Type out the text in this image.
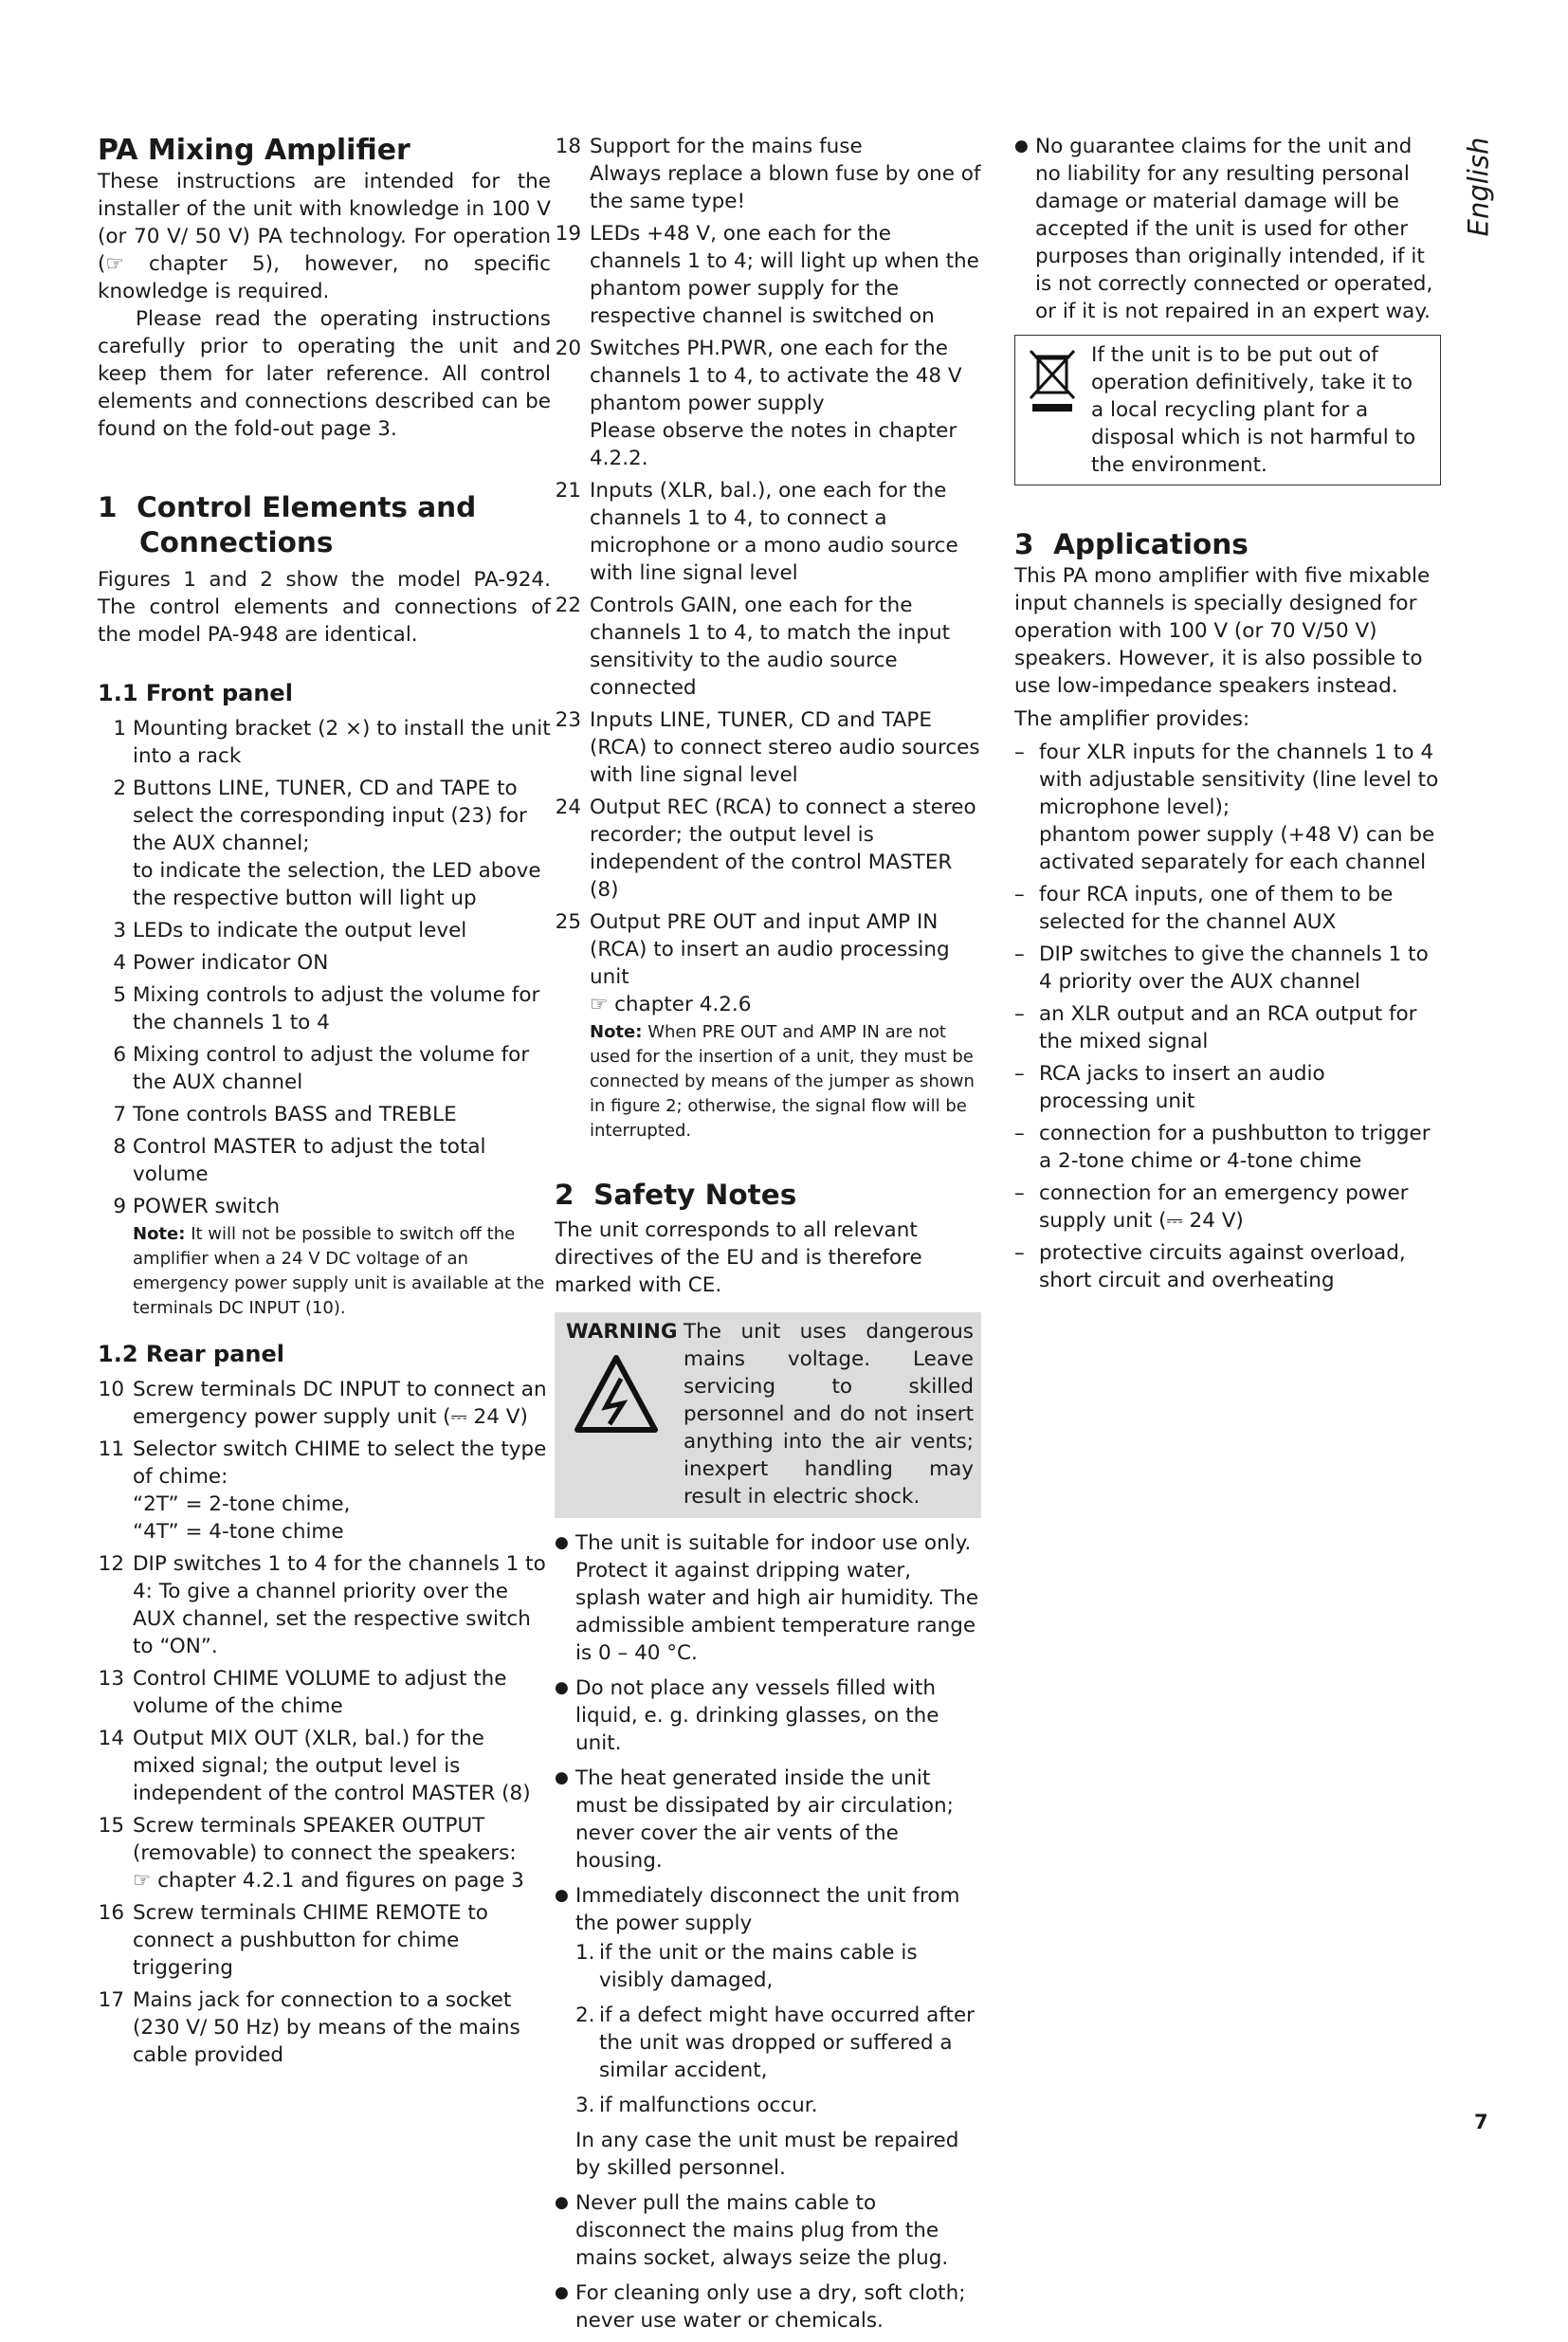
English
PA Mixing Amplifier

These instructions are intended for the installer of the unit with knowledge in 100 V (or 70 V/ 50 V) PA technology. For operation (☞ chapter 5), however, no specific knowledge is required.

Please read the operating instructions carefully prior to operating the unit and keep them for later reference. All control elements and connections described can be found on the fold-out page 3.

1 Control Elements and Connections

Figures 1 and 2 show the model PA-924. The control elements and connections of the model PA-948 are identical.

1.1 Front panel
1 Mounting bracket (2 ×) to install the unit into a rack
2 Buttons LINE, TUNER, CD and TAPE to select the corresponding input (23) for the AUX channel;
to indicate the selection, the LED above the respective button will light up
3 LEDs to indicate the output level
4 Power indicator ON
5 Mixing controls to adjust the volume for the channels 1 to 4
6 Mixing control to adjust the volume for the AUX channel
7 Tone controls BASS and TREBLE
8 Control MASTER to adjust the total volume
9 POWER switch
Note: It will not be possible to switch off the amplifier when a 24 V DC voltage of an emergency power supply unit is available at the terminals DC INPUT (10).
1.2 Rear panel
10 Screw terminals DC INPUT to connect an emergency power supply unit (⎓ 24 V)
11 Selector switch CHIME to select the type of chime:
“2T” = 2-tone chime,
“4T” = 4-tone chime
12 DIP switches 1 to 4 for the channels 1 to 4: To give a channel priority over the AUX channel, set the respective switch to “ON”.
13 Control CHIME VOLUME to adjust the volume of the chime
14 Output MIX OUT (XLR, bal.) for the mixed signal; the output level is independent of the control MASTER (8)
15 Screw terminals SPEAKER OUTPUT (removable) to connect the speakers:
☞ chapter 4.2.1 and figures on page 3
16 Screw terminals CHIME REMOTE to connect a pushbutton for chime triggering
17 Mains jack for connection to a socket (230 V/ 50 Hz) by means of the mains cable provided
18 Support for the mains fuse
Always replace a blown fuse by one of the same type!
19 LEDs +48 V, one each for the channels 1 to 4; will light up when the phantom power supply for the respective channel is switched on
20 Switches PH.PWR, one each for the channels 1 to 4, to activate the 48 V phantom power supply
Please observe the notes in chapter 4.2.2.
21 Inputs (XLR, bal.), one each for the channels 1 to 4, to connect a microphone or a mono audio source with line signal level
22 Controls GAIN, one each for the channels 1 to 4, to match the input sensitivity to the audio source connected
23 Inputs LINE, TUNER, CD and TAPE (RCA) to connect stereo audio sources with line signal level
24 Output REC (RCA) to connect a stereo recorder; the output level is independent of the control MASTER (8)
25 Output PRE OUT and input AMP IN (RCA) to insert an audio processing unit
☞ chapter 4.2.6
Note: When PRE OUT and AMP IN are not used for the insertion of a unit, they must be connected by means of the jumper as shown in figure 2; otherwise, the signal flow will be interrupted.
2 Safety Notes

The unit corresponds to all relevant directives of the EU and is therefore marked with CE.

WARNING The unit uses dangerous mains voltage. Leave servicing to skilled personnel and do not insert anything into the air vents; inexpert handling may result in electric shock.
● The unit is suitable for indoor use only. Protect it against dripping water, splash water and high air humidity. The admissible ambient temperature range is 0 – 40 °C.
● Do not place any vessels filled with liquid, e. g. drinking glasses, on the unit.
● The heat generated inside the unit must be dissipated by air circulation; never cover the air vents of the housing.
● Immediately disconnect the unit from the power supply
1. if the unit or the mains cable is visibly damaged,
2. if a defect might have occurred after the unit was dropped or suffered a similar accident,
3. if malfunctions occur.

In any case the unit must be repaired by skilled personnel.

● Never pull the mains cable to disconnect the mains plug from the mains socket, always seize the plug.
● For cleaning only use a dry, soft cloth; never use water or chemicals.
● No guarantee claims for the unit and no liability for any resulting personal damage or material damage will be accepted if the unit is used for other purposes than originally intended, if it is not correctly connected or operated, or if it is not repaired in an expert way.
If the unit is to be put out of operation definitively, take it to a local recycling plant for a disposal which is not harmful to the environment.
3 Applications

This PA mono amplifier with five mixable input channels is specially designed for operation with 100 V (or 70 V/50 V) speakers. However, it is also possible to use low-impedance speakers instead.

The amplifier provides:

– four XLR inputs for the channels 1 to 4 with adjustable sensitivity (line level to microphone level);
phantom power supply (+48 V) can be activated separately for each channel
– four RCA inputs, one of them to be selected for the channel AUX
– DIP switches to give the channels 1 to 4 priority over the AUX channel
– an XLR output and an RCA output for the mixed signal
– RCA jacks to insert an audio processing unit
– connection for a pushbutton to trigger a 2-tone chime or 4-tone chime
– connection for an emergency power supply unit (⎓ 24 V)
– protective circuits against overload, short circuit and overheating
7
